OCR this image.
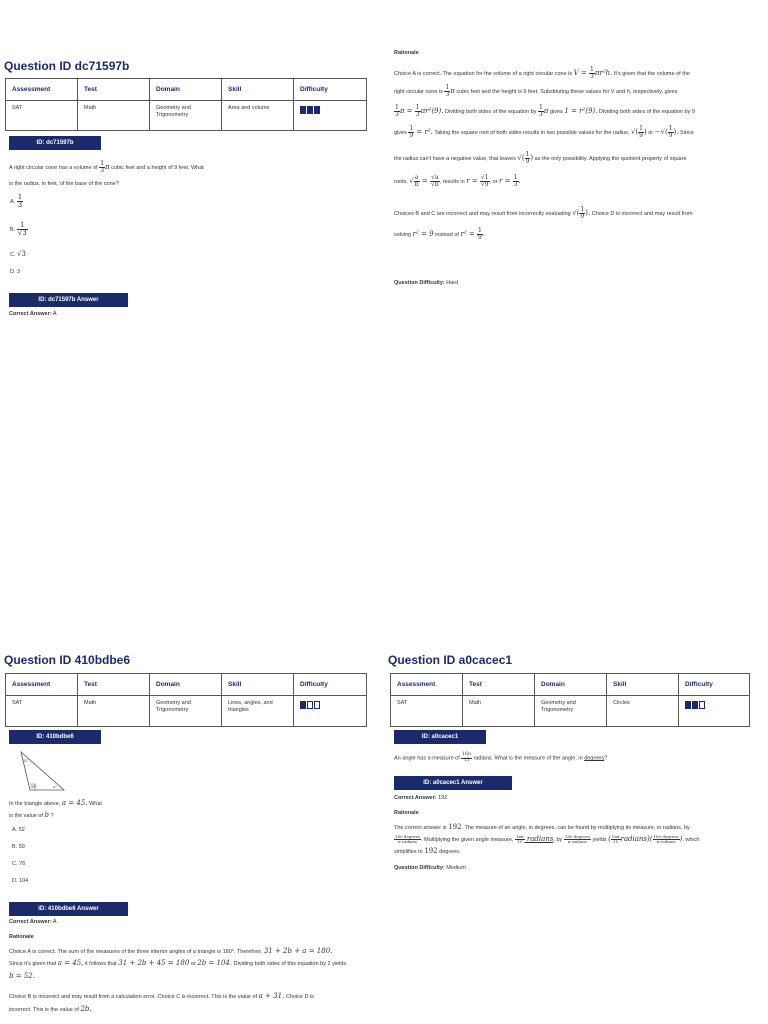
Question ID dc71597b
Assessment	Test	Domain	Skill	Difficulty
SAT	Math	Geometry and Trigonometry	Area and volume	
ID: dc71597b
A right circular cone has a volume of $\frac{1}{3}$ π cubic feet and a height of 9 feet. What
is the radius, in feet, of the base of the cone?
A. $\frac{1}{3}$
B. $\frac{1}{√3}$
C. √3
D. 3
ID: dc71597b Answer
Correct Answer: A
Rationale
Choice A is correct. The equation for the volume of a right circular cone is $V = \frac{1}{3} \pi r^2h$. It's given that the volume of the
right circular cone is $\frac{1}{3}$ π cubic feet and the height is 9 feet. Substituting these values for V and h, respectively, gives
$\frac{1}{3}$ $\pi = \frac{1}{3} \pi r^2(9)$. Dividing both sides of the equation by $\frac{1}{3}$ π gives 1 = r²(9). Dividing both sides of the equation by 9
gives $\frac{1}{9} = r^2$. Taking the square root of both sides results in two possible values for the radius, √( $\frac{1}{9}$ ) or −√( $\frac{1}{9}$ ). Since
the radius can't have a negative value, that leaves √( $\frac{1}{9}$ ) as the only possibility. Applying the quotient property of square
roots, √ $\frac{a}{b} = \frac{√a}{√b}$ , results in $r = \frac{√1}{√9}$ , or $r = \frac{1}{3}$ .
Choices B and C are incorrect and may result from incorrectly evaluating √( $\frac{1}{9}$ ). Choice D is incorrect and may result from
solving r² = 9 instead of $r^2 = \frac{1}{9}$ .
Question Difficulty: Hard
Question ID 410bdbe6
Assessment	Test	Domain	Skill	Difficulty
SAT	Math	Geometry and Trigonometry	Lines, angles, and triangles	
ID: 410bdbe6
32°
58°	a°
In the triangle above, a = 45. What
is the value of b ?
A. 52
B. 59
C. 76
D. 104
ID: 410bdbe6 Answer
Correct Answer: A
Rationale
Choice A is correct. The sum of the measures of the three interior angles of a triangle is 180°. Therefore, 31 + 2b + a = 180.
Since it's given that a = 45, it follows that 31 + 2b + 45 = 180 or 2b = 104. Dividing both sides of this equation by 2 yields
b = 52.
Choice B is incorrect and may result from a calculation error. Choice C is incorrect. This is the value of a + 31. Choice D is
incorrect. This is the value of 2b.
Question ID a0cacec1
Assessment	Test	Domain	Skill	Difficulty
SAT	Math	Geometry and Trigonometry	Circles	
ID: a0cacec1
An angle has a measure of $\frac{16\pi}{15}$ radians. What is the measure of the angle, in degrees?
ID: a0cacec1 Answer
Correct Answer: 192
Rationale
The correct answer is 192. The measure of an angle, in degrees, can be found by multiplying its measure, in radians, by
$\frac{\text{180 degrees}}{\text{π radians}}$ . Multiplying the given angle measure, $\frac{16\pi}{15}$ radians, by $\frac{\text{180 degrees}}{\text{π radians}}$ yields ( $\frac{16\pi}{15}$ radians)( $\frac{\text{180 degrees}}{\text{π radians}}$ ), which
simplifies to 192 degrees.
Question Difficulty: Medium
